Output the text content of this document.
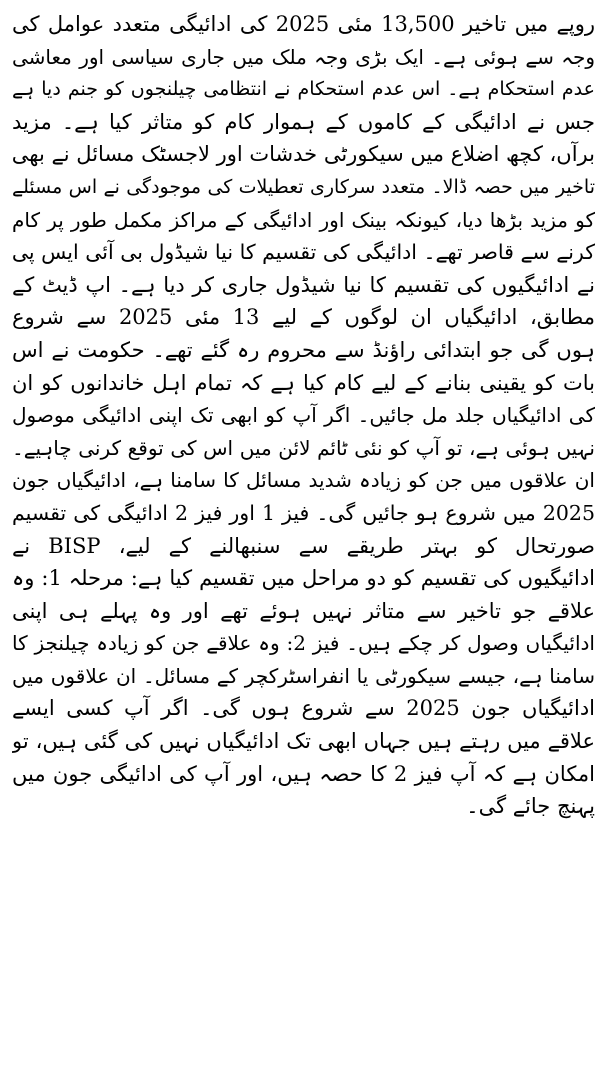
روپے میں تاخیر 13,500 مئی 2025 کی ادائیگی متعدد عوامل کی
وجہ سے ہوئی ہے۔ ایک بڑی وجہ ملک میں جاری سیاسی اور معاشی
عدم استحکام ہے۔ اس عدم استحکام نے انتظامی چیلنجوں کو جنم دیا ہے
جس نے ادائیگی کے کاموں کے ہموار کام کو متاثر کیا ہے۔ مزید
برآں، کچھ اضلاع میں سیکورٹی خدشات اور لاجسٹک مسائل نے بھی
تاخیر میں حصہ ڈالا۔ متعدد سرکاری تعطیلات کی موجودگی نے اس مسئلے
کو مزید بڑھا دیا، کیونکہ بینک اور ادائیگی کے مراکز مکمل طور پر کام
کرنے سے قاصر تھے۔ ادائیگی کی تقسیم کا نیا شیڈول بی آئی ایس پی
نے ادائیگیوں کی تقسیم کا نیا شیڈول جاری کر دیا ہے۔ اپ ڈیٹ کے
مطابق، ادائیگیاں ان لوگوں کے لیے 13 مئی 2025 سے شروع
ہوں گی جو ابتدائی راؤنڈ سے محروم رہ گئے تھے۔ حکومت نے اس
بات کو یقینی بنانے کے لیے کام کیا ہے کہ تمام اہل خاندانوں کو ان
کی ادائیگیاں جلد مل جائیں۔ اگر آپ کو ابھی تک اپنی ادائیگی موصول
نہیں ہوئی ہے، تو آپ کو نئی ٹائم لائن میں اس کی توقع کرنی چاہیے۔
ان علاقوں میں جن کو زیادہ شدید مسائل کا سامنا ہے، ادائیگیاں جون
2025 میں شروع ہو جائیں گی۔ فیز 1 اور فیز 2 ادائیگی کی تقسیم
صورتحال کو بہتر طریقے سے سنبھالنے کے لیے، BISP نے
ادائیگیوں کی تقسیم کو دو مراحل میں تقسیم کیا ہے: مرحلہ 1: وہ
علاقے جو تاخیر سے متاثر نہیں ہوئے تھے اور وہ پہلے ہی اپنی
ادائیگیاں وصول کر چکے ہیں۔ فیز 2: وہ علاقے جن کو زیادہ چیلنجز کا
سامنا ہے، جیسے سیکورٹی یا انفراسٹرکچر کے مسائل۔ ان علاقوں میں
ادائیگیاں جون 2025 سے شروع ہوں گی۔ اگر آپ کسی ایسے
علاقے میں رہتے ہیں جہاں ابھی تک ادائیگیاں نہیں کی گئی ہیں، تو
امکان ہے کہ آپ فیز 2 کا حصہ ہیں، اور آپ کی ادائیگی جون میں
پہنچ جائے گی۔
